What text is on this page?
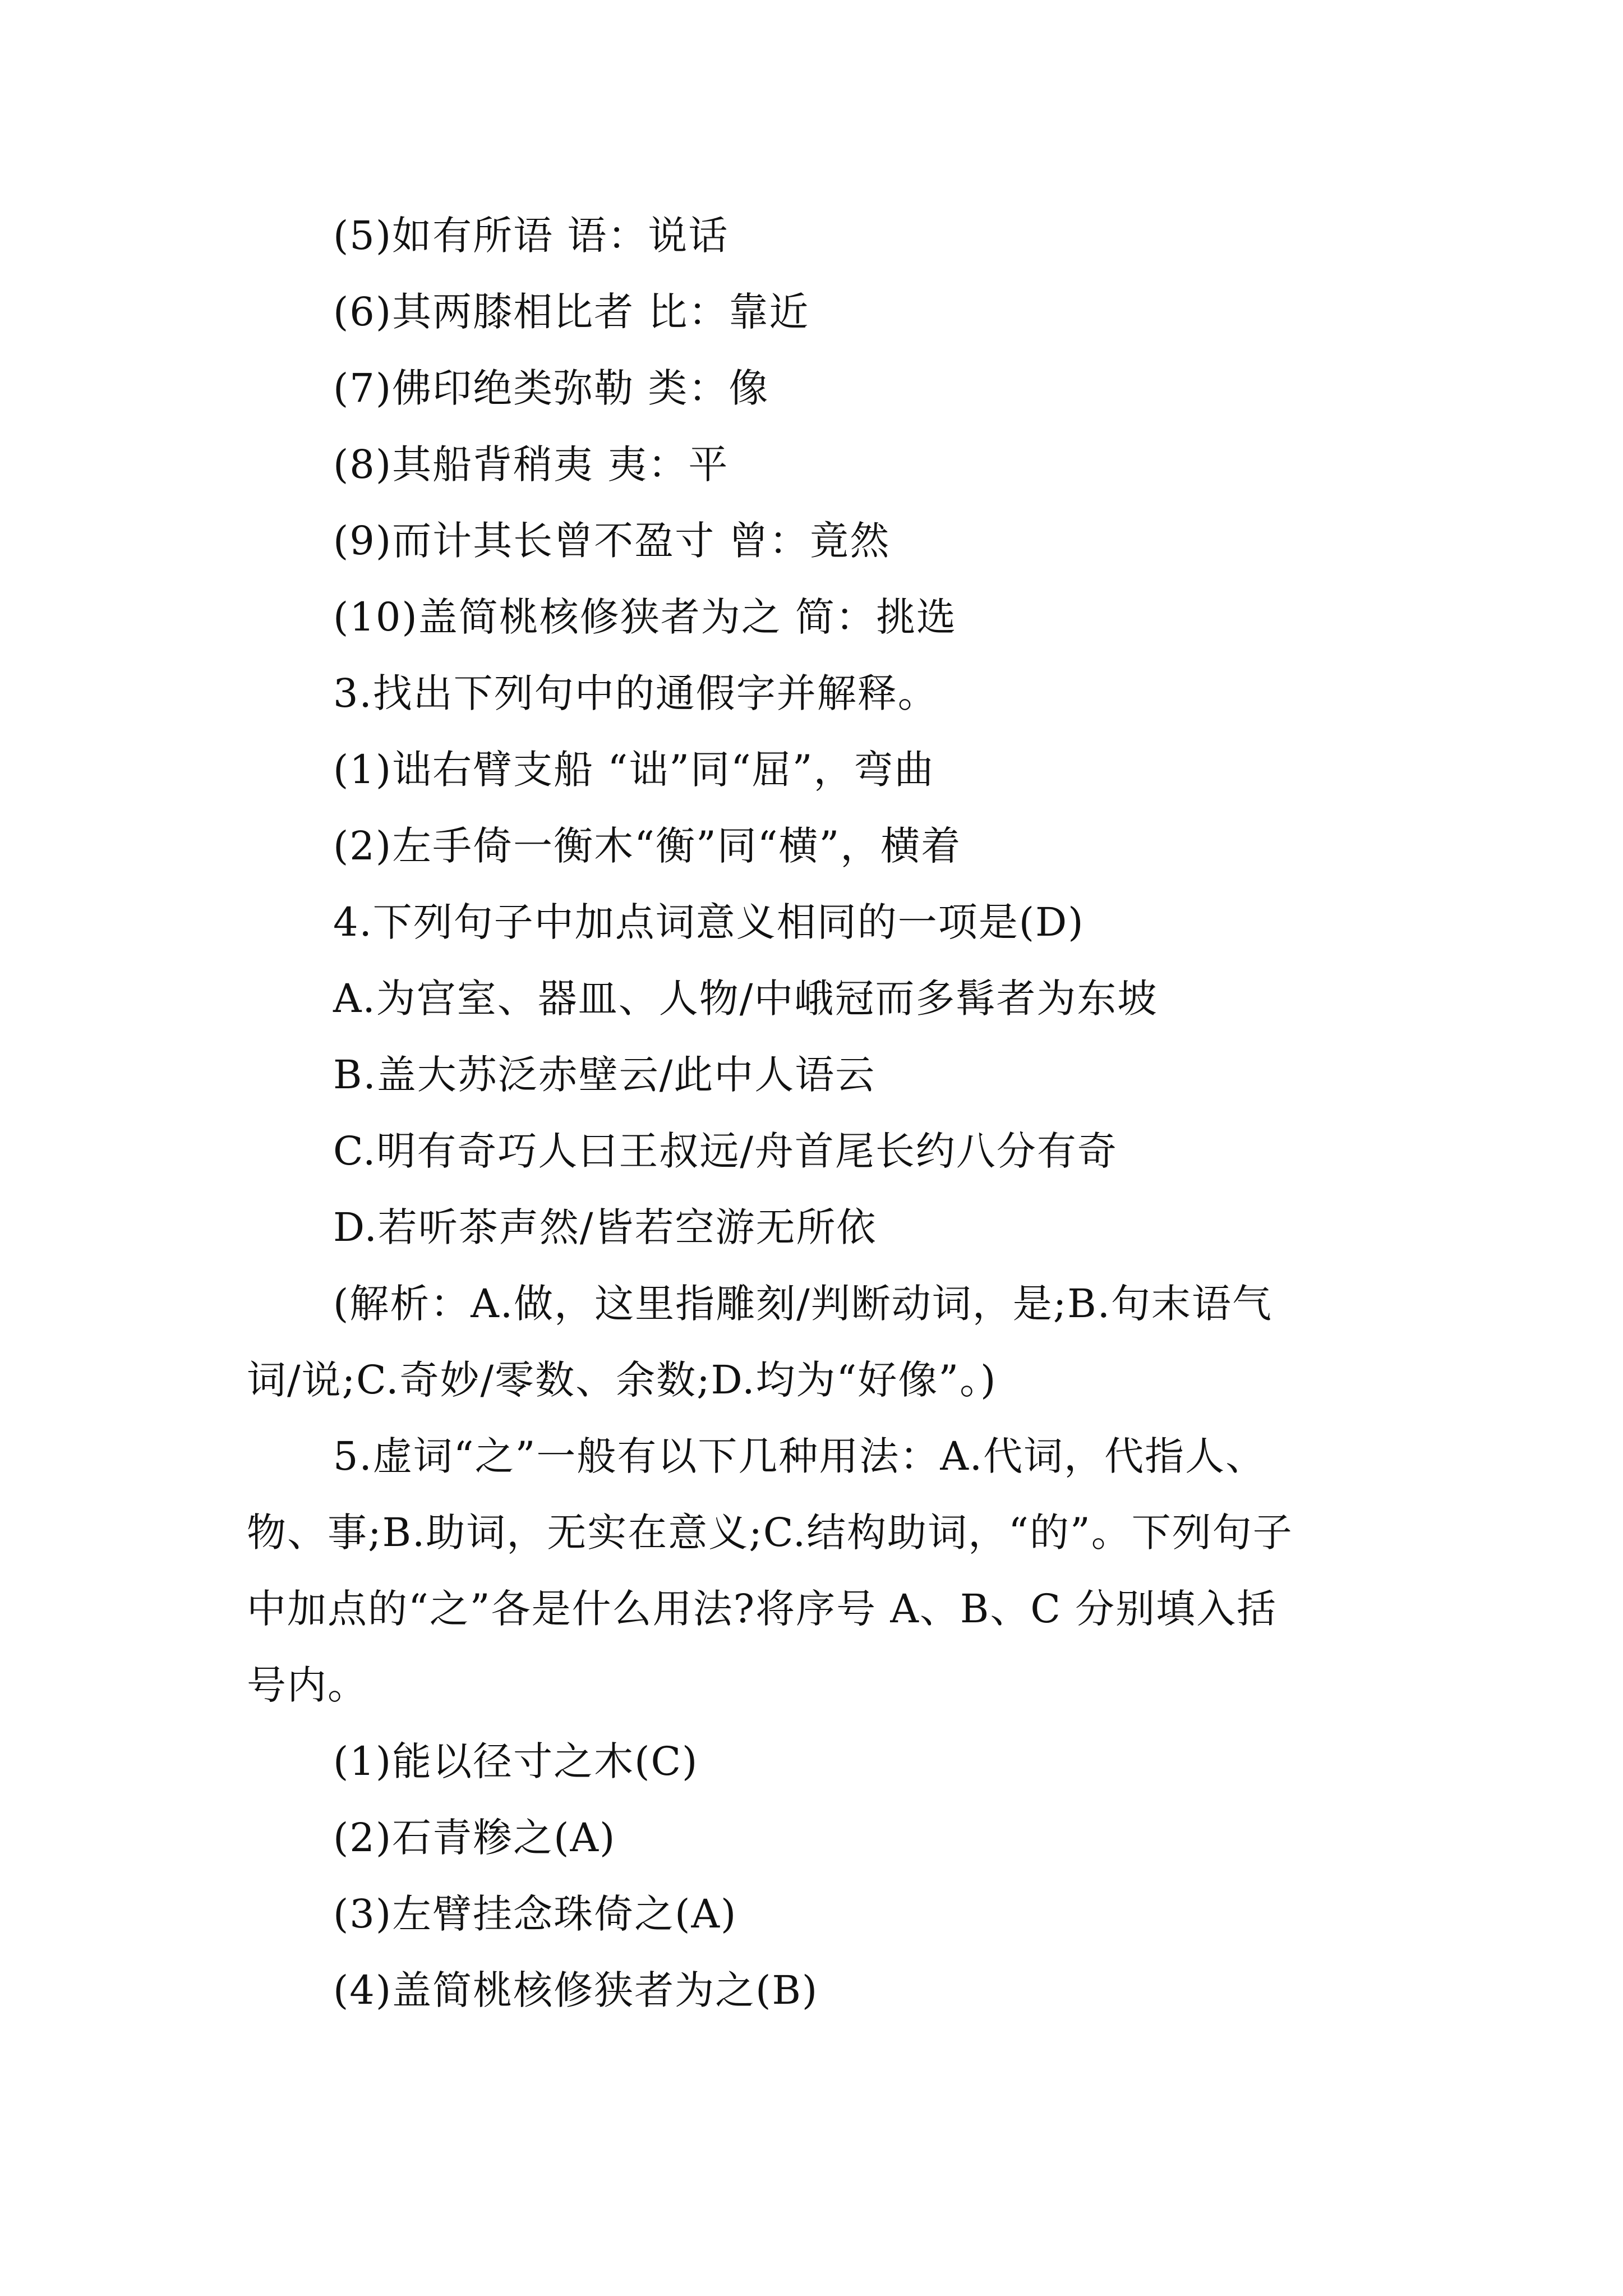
(5)如有所语 语：说话
(6)其两膝相比者 比：靠近
(7)佛印绝类弥勒 类：像
(8)其船背稍夷 夷：平
(9)而计其长曾不盈寸 曾：竟然
(10)盖简桃核修狭者为之 简：挑选
3.找出下列句中的通假字并解释。
(1)诎右臂支船 “诎”同“屈”，弯曲
(2)左手倚一衡木“衡”同“横”，横着
4.下列句子中加点词意义相同的一项是(D)
A.为宫室、器皿、人物/中峨冠而多髯者为东坡
B.盖大苏泛赤壁云/此中人语云
C.明有奇巧人曰王叔远/舟首尾长约八分有奇
D.若听茶声然/皆若空游无所依
(解析：A.做，这里指雕刻/判断动词，是;B.句末语气
词/说;C.奇妙/零数、余数;D.均为“好像”。)
5.虚词“之”一般有以下几种用法：A.代词，代指人、
物、事;B.助词，无实在意义;C.结构助词，“的”。下列句子
中加点的“之”各是什么用法?将序号 A、B、C 分别填入括
号内。
(1)能以径寸之木(C)
(2)石青糁之(A)
(3)左臂挂念珠倚之(A)
(4)盖简桃核修狭者为之(B)
